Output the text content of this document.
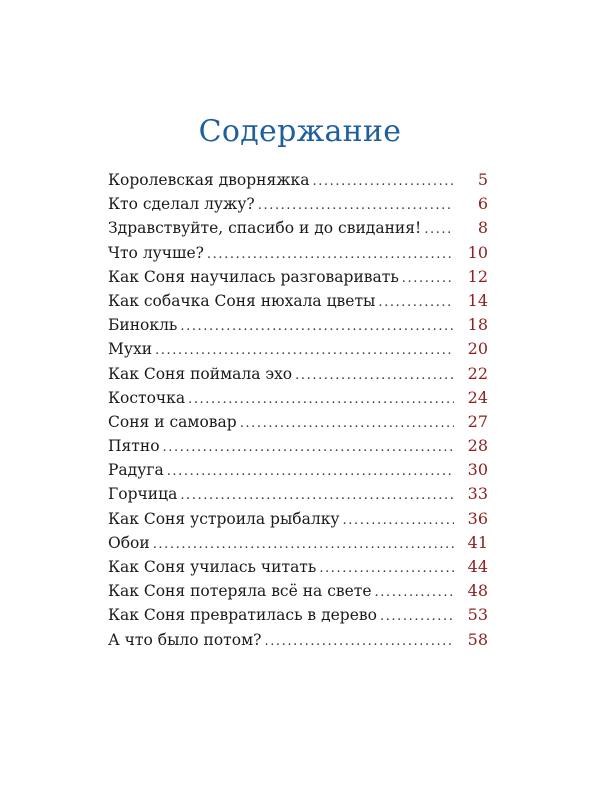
Содержание
Королевская дворняжка .....	5
Кто сделал лужу? .....	6
Здравствуйте, спасибо и до свидания! .....	8
Что лучше? .....	10
Как Соня научилась разговаривать .....	12
Как собачка Соня нюхала цветы .....	14
Бинокль .....	18
Мухи .....	20
Как Соня поймала эхо .....	22
Косточка .....	24
Соня и самовар .....	27
Пятно .....	28
Радуга .....	30
Горчица .....	33
Как Соня устроила рыбалку .....	36
Обои .....	41
Как Соня училась читать .....	44
Как Соня потеряла всё на свете .....	48
Как Соня превратилась в дерево .....	53
А что было потом? .....	58
